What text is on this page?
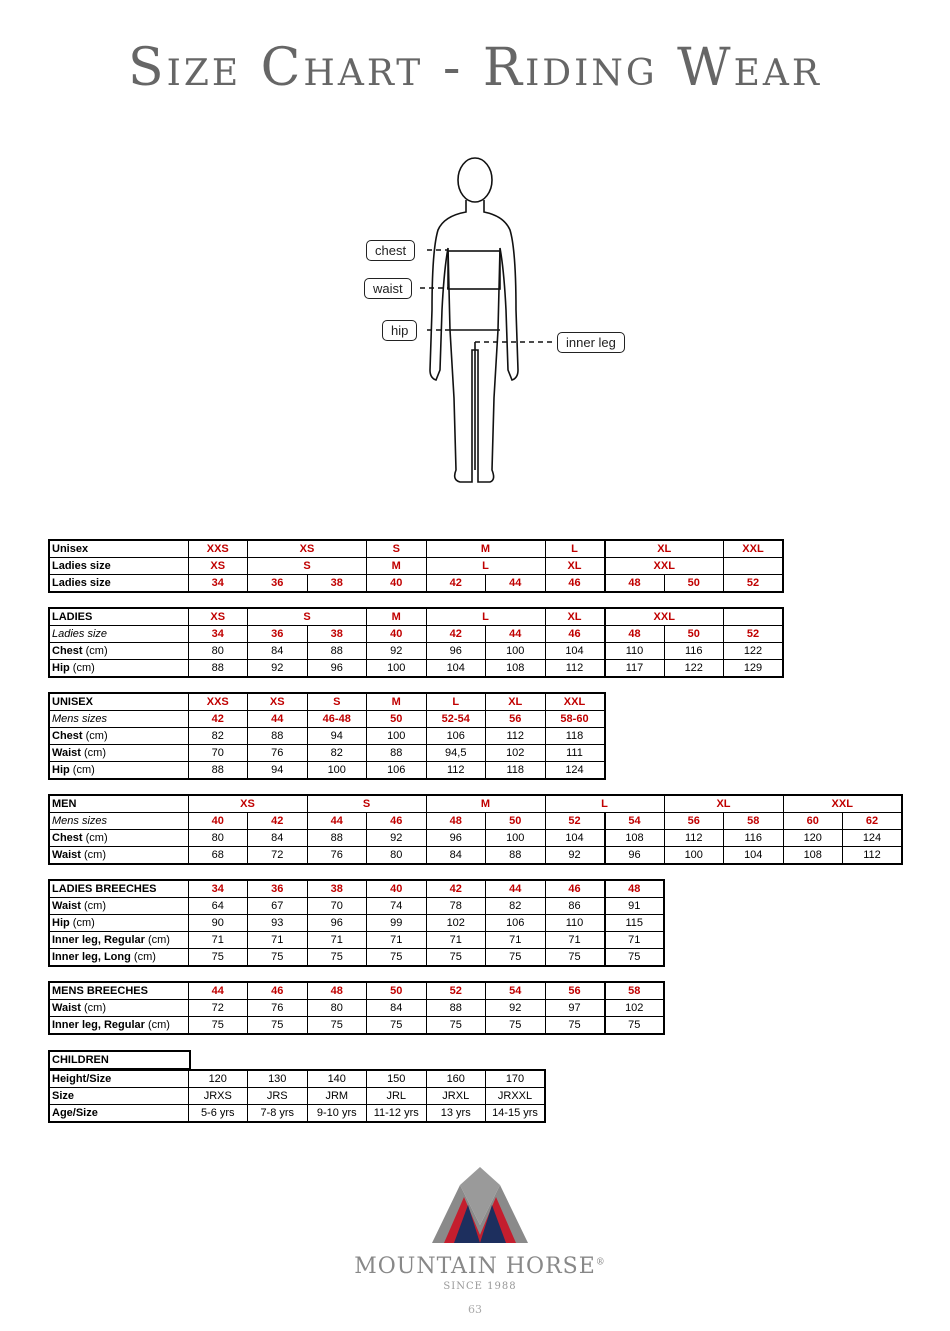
Size Chart - Riding Wear
chest
waist
hip
inner leg
Unisex	XXS	XS		S	M		L	XL		XXL
Ladies size	XS	S		M	L		XL	XXL		
Ladies size	34	36	38	40	42	44	46	48	50	52
LADIES	XS	S		M	L		XL	XXL		
Ladies size	34	36	38	40	42	44	46	48	50	52
Chest (cm)	80	84	88	92	96	100	104	110	116	122
Hip (cm)	88	92	96	100	104	108	112	117	122	129
UNISEX	XXS	XS	S	M	L	XL	XXL
Mens sizes	42	44	46-48	50	52-54	56	58-60
Chest (cm)	82	88	94	100	106	112	118
Waist (cm)	70	76	82	88	94,5	102	111
Hip (cm)	88	94	100	106	112	118	124
MEN	XS		S		M		L		XL		XXL	
Mens sizes	40	42	44	46	48	50	52	54	56	58	60	62
Chest (cm)	80	84	88	92	96	100	104	108	112	116	120	124
Waist (cm)	68	72	76	80	84	88	92	96	100	104	108	112
LADIES BREECHES	34	36	38	40	42	44	46	48
Waist (cm)	64	67	70	74	78	82	86	91
Hip (cm)	90	93	96	99	102	106	110	115
Inner leg, Regular (cm)	71	71	71	71	71	71	71	71
Inner leg, Long (cm)	75	75	75	75	75	75	75	75
MENS BREECHES	44	46	48	50	52	54	56	58
Waist (cm)	72	76	80	84	88	92	97	102
Inner leg, Regular (cm)	75	75	75	75	75	75	75	75
CHILDREN
Height/Size	120	130	140	150	160	170
Size	JRXS	JRS	JRM	JRL	JRXL	JRXXL
Age/Size	5-6 yrs	7-8 yrs	9-10 yrs	11-12 yrs	13 yrs	14-15 yrs
MOUNTAIN HORSE®
SINCE 1988
63
